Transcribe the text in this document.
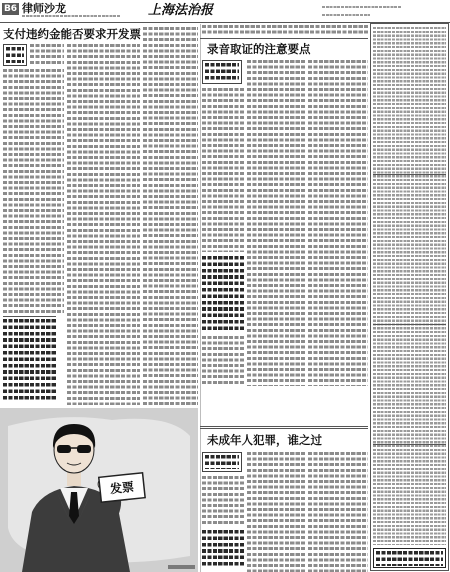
B6 律师沙龙	上海法治报
支付违约金能否要求开发票
发票
录音取证的注意要点
未成年人犯罪，谁之过
